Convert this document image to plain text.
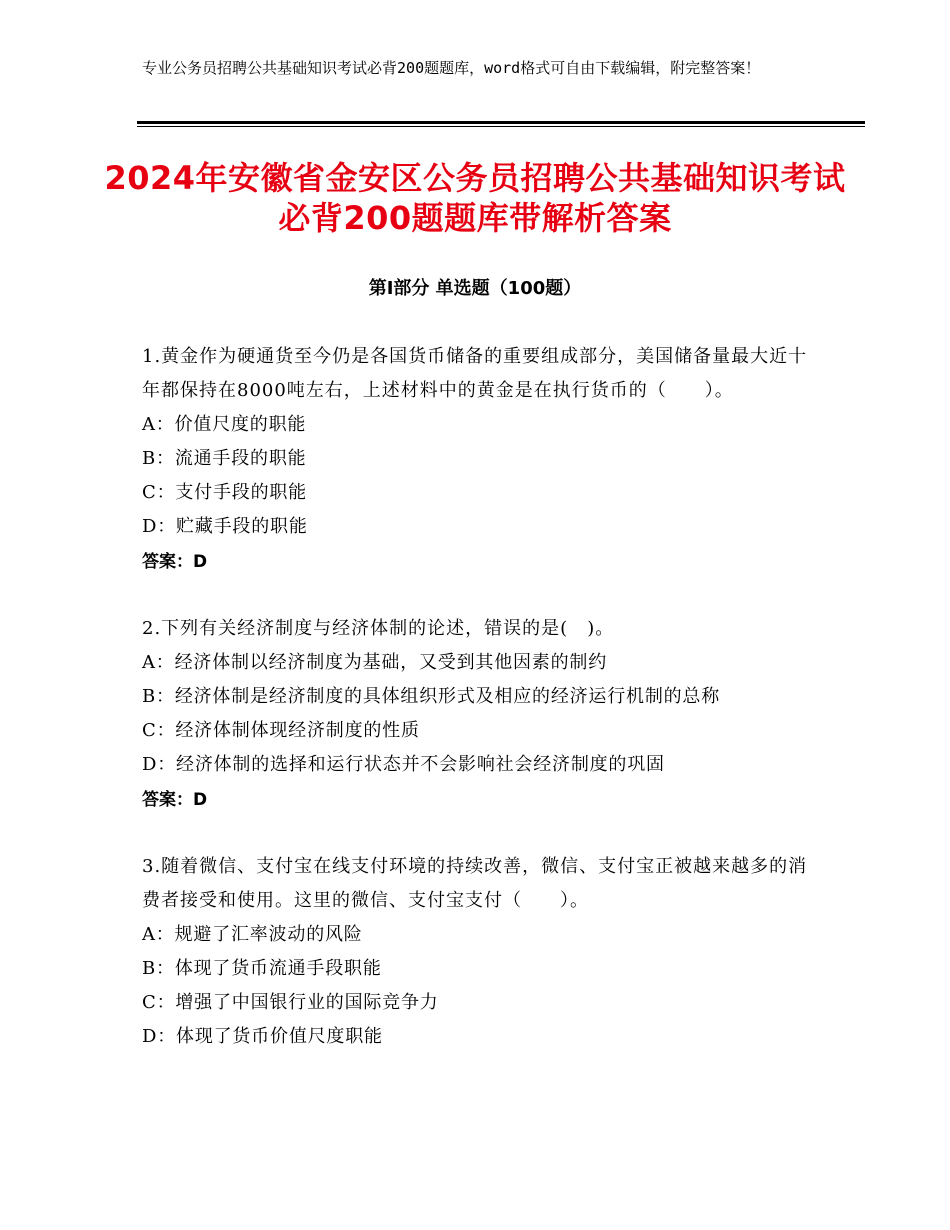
专业公务员招聘公共基础知识考试必背200题题库，word格式可自由下载编辑，附完整答案！
2024年安徽省金安区公务员招聘公共基础知识考试必背200题题库带解析答案
第Ⅰ部分 单选题（100题）
1.黄金作为硬通货至今仍是各国货币储备的重要组成部分，美国储备量最大近十年都保持在8000吨左右，上述材料中的黄金是在执行货币的（　　）。
A：价值尺度的职能
B：流通手段的职能
C：支付手段的职能
D：贮藏手段的职能
答案：D
2.下列有关经济制度与经济体制的论述，错误的是(　)。
A：经济体制以经济制度为基础，又受到其他因素的制约
B：经济体制是经济制度的具体组织形式及相应的经济运行机制的总称
C：经济体制体现经济制度的性质
D：经济体制的选择和运行状态并不会影响社会经济制度的巩固
答案：D
3.随着微信、支付宝在线支付环境的持续改善，微信、支付宝正被越来越多的消费者接受和使用。这里的微信、支付宝支付（　　）。
A：规避了汇率波动的风险
B：体现了货币流通手段职能
C：增强了中国银行业的国际竞争力
D：体现了货币价值尺度职能
